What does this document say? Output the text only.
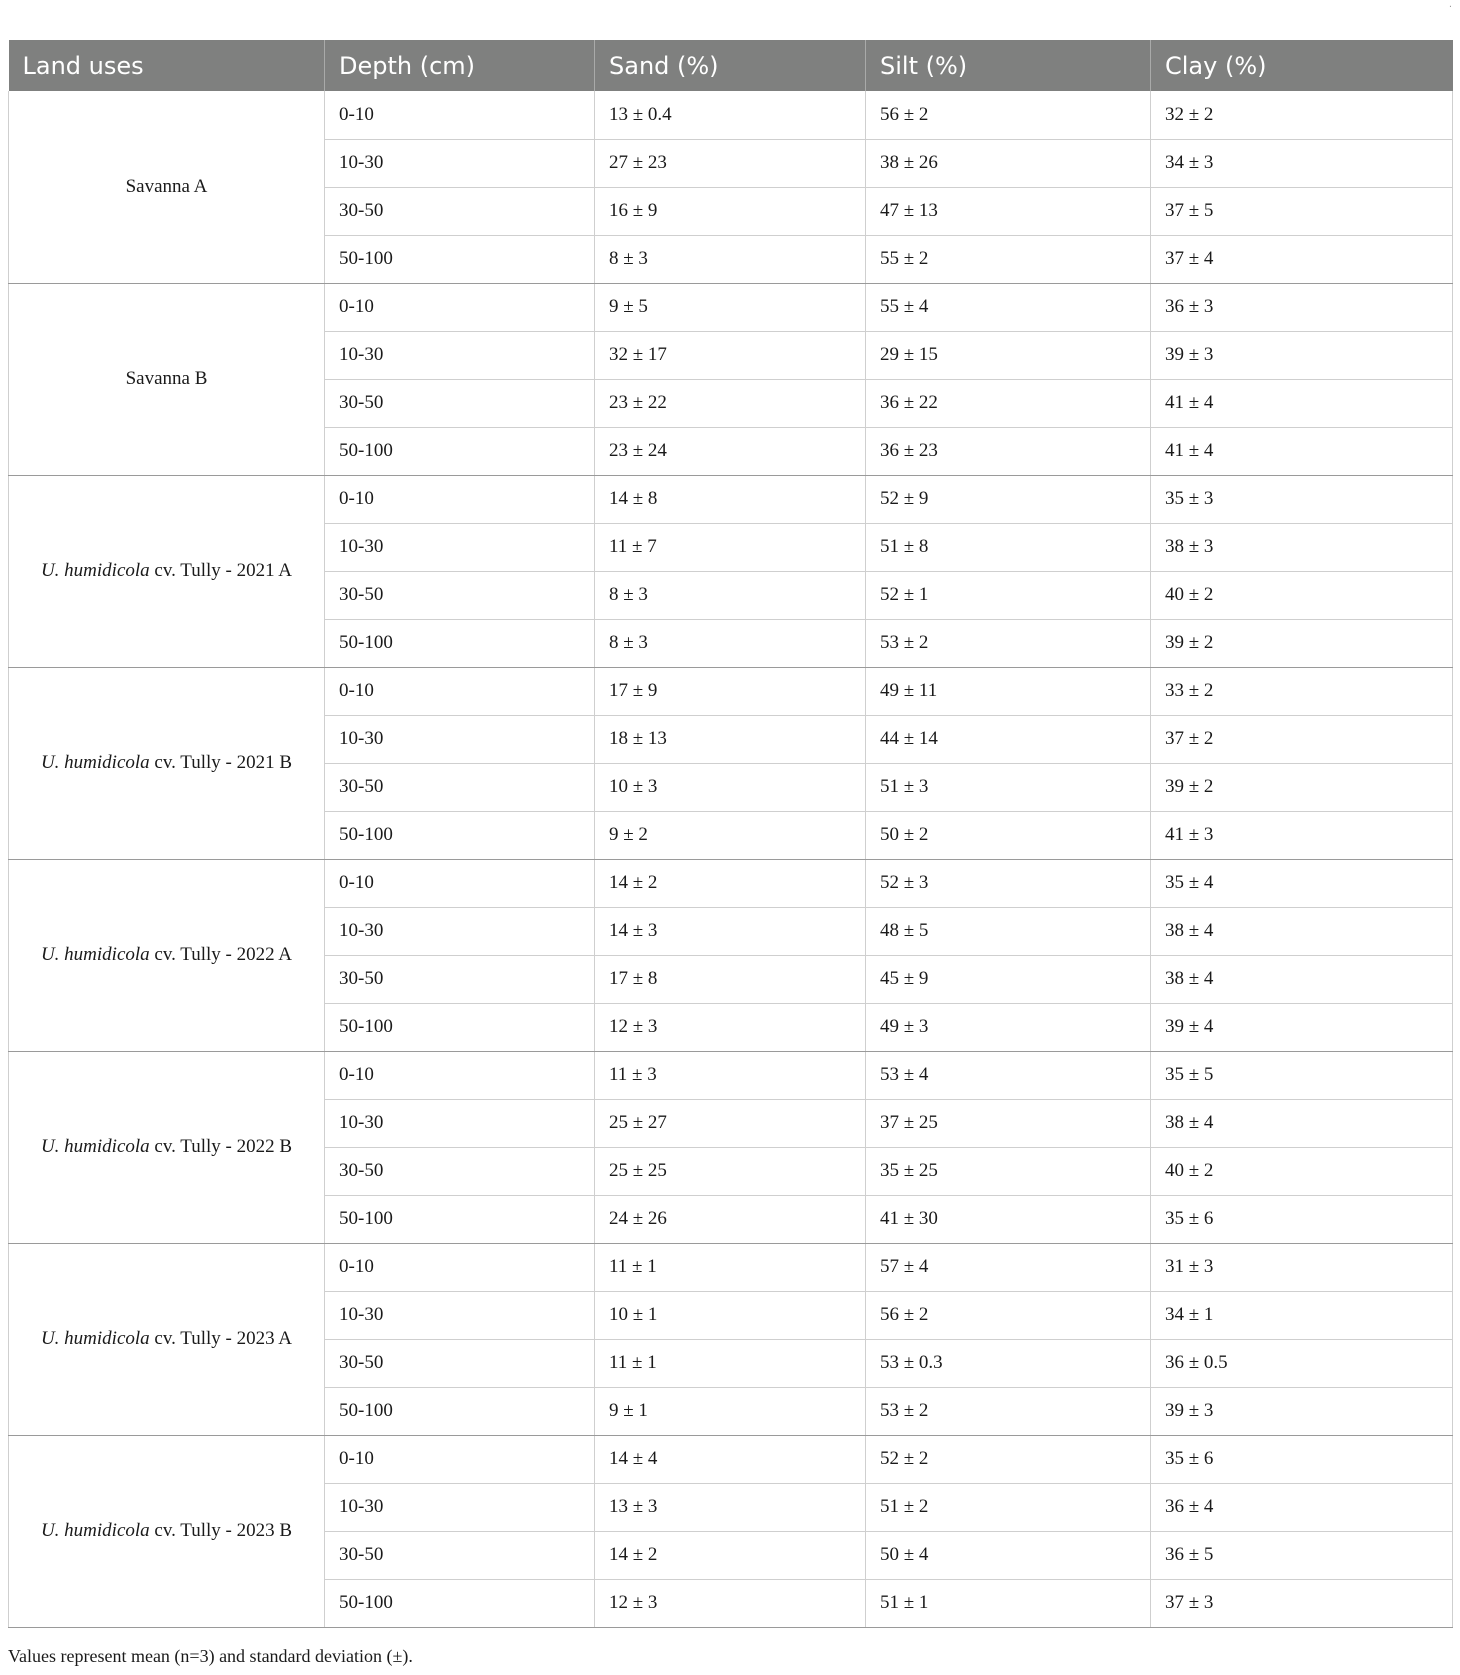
·
Land uses	Depth (cm)	Sand (%)	Silt (%)	Clay (%)
Savanna A	0-10	13 ± 0.4	56 ± 2	32 ± 2
	10-30	27 ± 23	38 ± 26	34 ± 3
	30-50	16 ± 9	47 ± 13	37 ± 5
	50-100	8 ± 3	55 ± 2	37 ± 4
Savanna B	0-10	9 ± 5	55 ± 4	36 ± 3
	10-30	32 ± 17	29 ± 15	39 ± 3
	30-50	23 ± 22	36 ± 22	41 ± 4
	50-100	23 ± 24	36 ± 23	41 ± 4
U. humidicola cv. Tully - 2021 A	0-10	14 ± 8	52 ± 9	35 ± 3
	10-30	11 ± 7	51 ± 8	38 ± 3
	30-50	8 ± 3	52 ± 1	40 ± 2
	50-100	8 ± 3	53 ± 2	39 ± 2
U. humidicola cv. Tully - 2021 B	0-10	17 ± 9	49 ± 11	33 ± 2
	10-30	18 ± 13	44 ± 14	37 ± 2
	30-50	10 ± 3	51 ± 3	39 ± 2
	50-100	9 ± 2	50 ± 2	41 ± 3
U. humidicola cv. Tully - 2022 A	0-10	14 ± 2	52 ± 3	35 ± 4
	10-30	14 ± 3	48 ± 5	38 ± 4
	30-50	17 ± 8	45 ± 9	38 ± 4
	50-100	12 ± 3	49 ± 3	39 ± 4
U. humidicola cv. Tully - 2022 B	0-10	11 ± 3	53 ± 4	35 ± 5
	10-30	25 ± 27	37 ± 25	38 ± 4
	30-50	25 ± 25	35 ± 25	40 ± 2
	50-100	24 ± 26	41 ± 30	35 ± 6
U. humidicola cv. Tully - 2023 A	0-10	11 ± 1	57 ± 4	31 ± 3
	10-30	10 ± 1	56 ± 2	34 ± 1
	30-50	11 ± 1	53 ± 0.3	36 ± 0.5
	50-100	9 ± 1	53 ± 2	39 ± 3
U. humidicola cv. Tully - 2023 B	0-10	14 ± 4	52 ± 2	35 ± 6
	10-30	13 ± 3	51 ± 2	36 ± 4
	30-50	14 ± 2	50 ± 4	36 ± 5
	50-100	12 ± 3	51 ± 1	37 ± 3
Values represent mean (n=3) and standard deviation (±).
